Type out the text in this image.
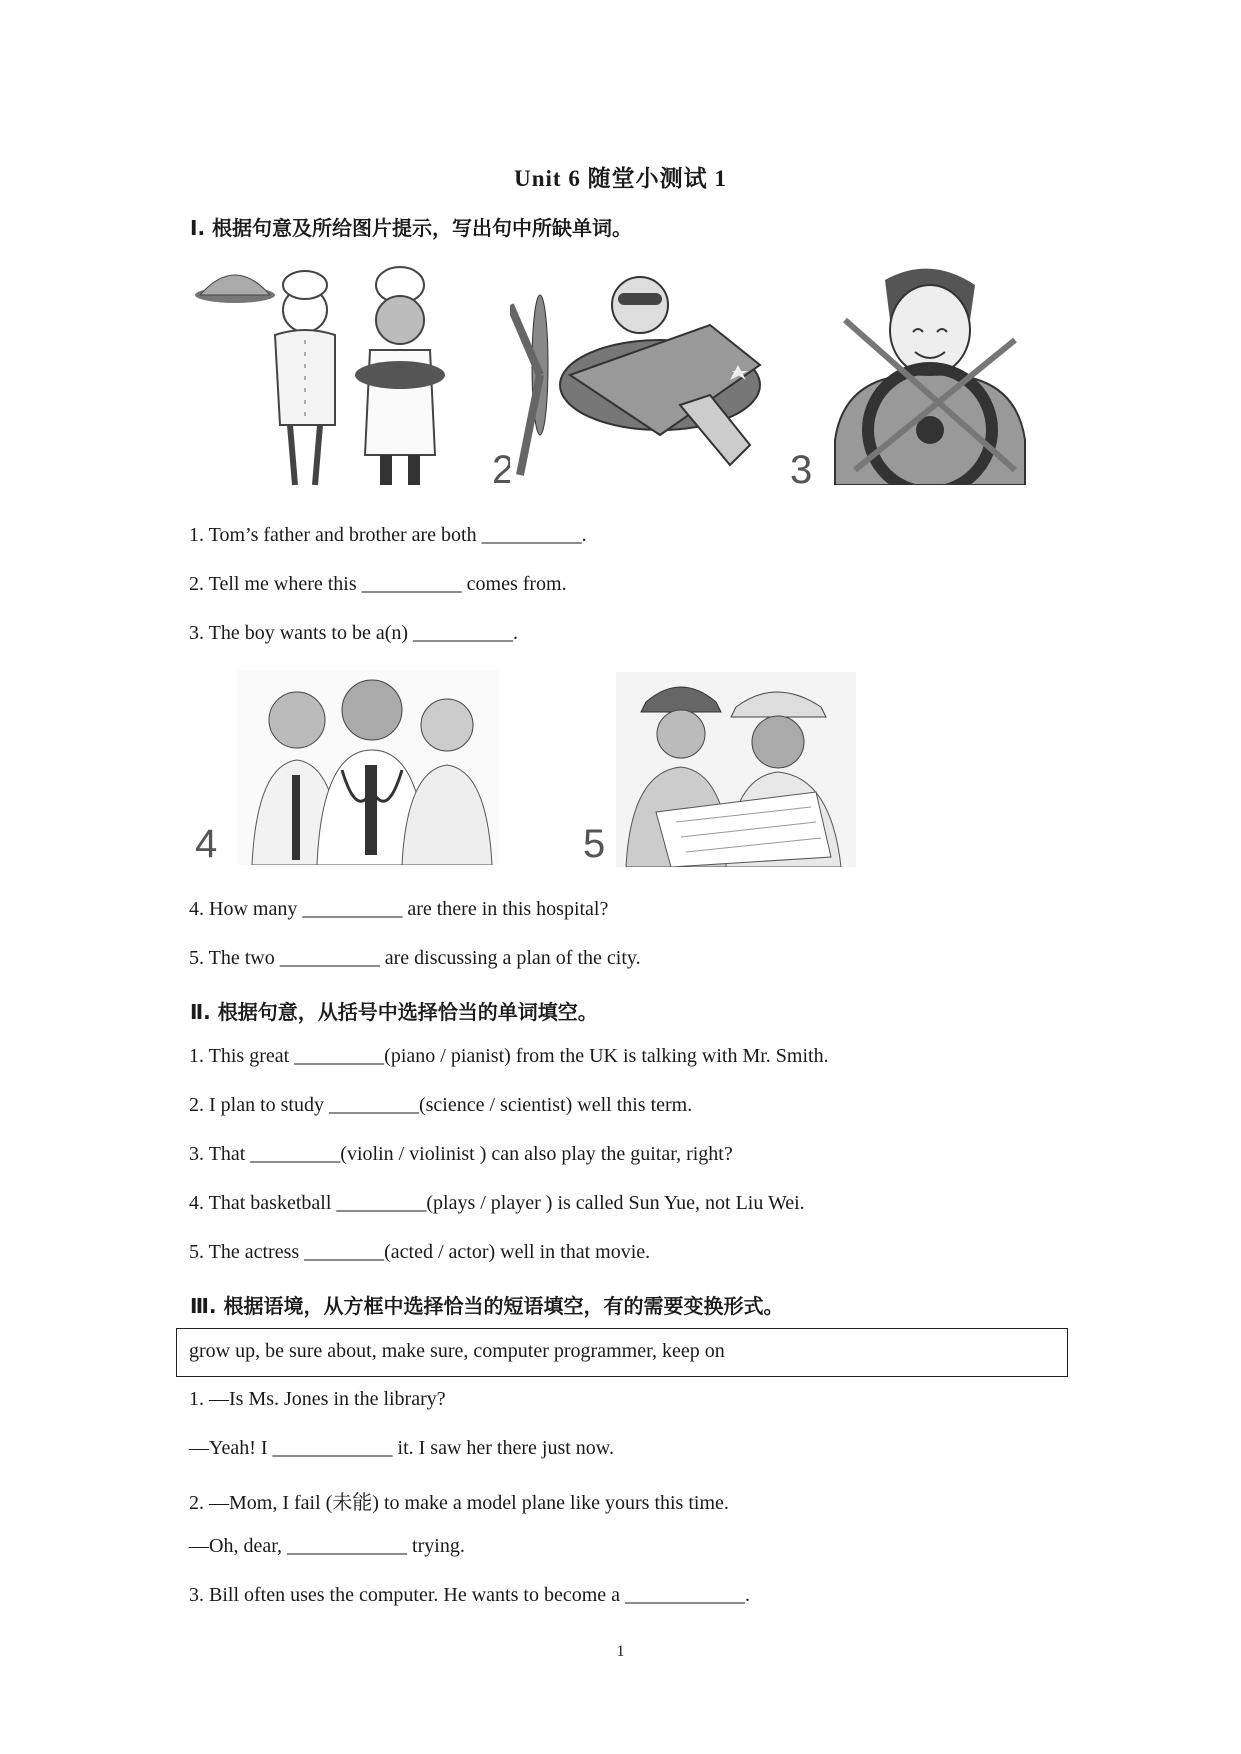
Unit 6 随堂小测试 1
Ⅰ. 根据句意及所给图片提示，写出句中所缺单词。
1	2	3
1. Tom’s father and brother are both __________.
2. Tell me where this __________ comes from.
3. The boy wants to be a(n) __________.
4	5
4. How many __________ are there in this hospital?
5. The two __________ are discussing a plan of the city.
Ⅱ. 根据句意，从括号中选择恰当的单词填空。
1. This great _________(piano / pianist) from the UK is talking with Mr. Smith.
2. I plan to study _________(science / scientist) well this term.
3. That _________(violin / violinist ) can also play the guitar, right?
4. That basketball _________(plays / player ) is called Sun Yue, not Liu Wei.
5. The actress ________(acted / actor) well in that movie.
Ⅲ. 根据语境，从方框中选择恰当的短语填空，有的需要变换形式。
grow up, be sure about, make sure, computer programmer, keep on
1. —Is Ms. Jones in the library?
—Yeah! I ____________ it. I saw her there just now.
2. —Mom, I fail (未能) to make a model plane like yours this time.
—Oh, dear, ____________ trying.
3. Bill often uses the computer. He wants to become a ____________.
1
